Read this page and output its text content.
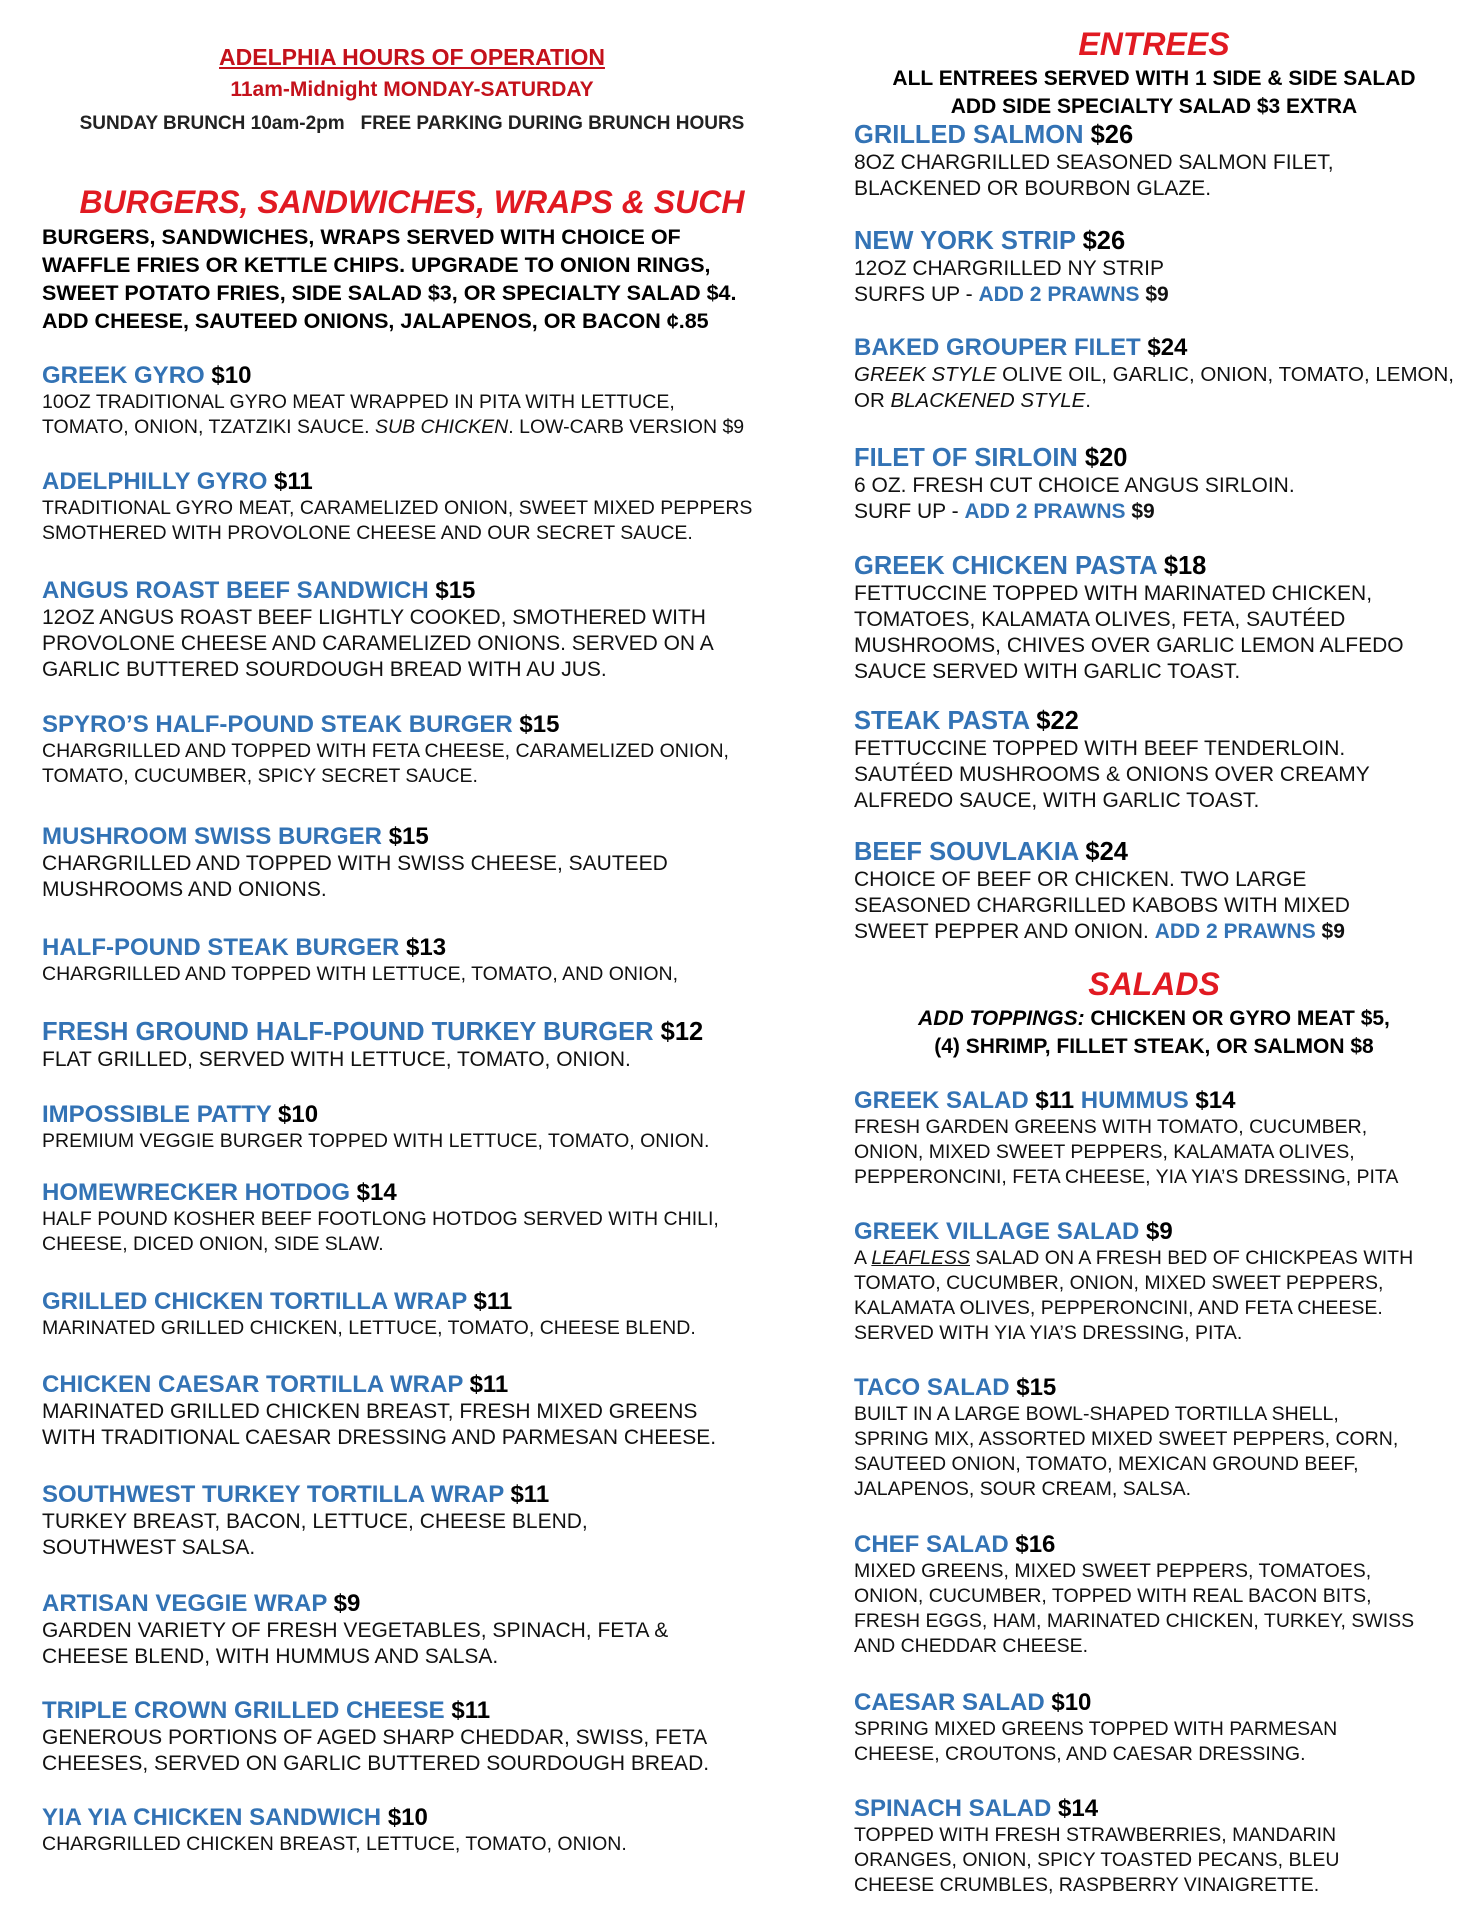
ADELPHIA HOURS OF OPERATION
11am-Midnight MONDAY-SATURDAY
SUNDAY BRUNCH 10am-2pm   FREE PARKING DURING BRUNCH HOURS
BURGERS, SANDWICHES, WRAPS & SUCH
BURGERS, SANDWICHES, WRAPS SERVED WITH CHOICE OF
WAFFLE FRIES OR KETTLE CHIPS. UPGRADE TO ONION RINGS,
SWEET POTATO FRIES, SIDE SALAD $3, OR SPECIALTY SALAD $4.
ADD CHEESE, SAUTEED ONIONS, JALAPENOS, OR BACON ¢.85
GREEK GYRO $10
10OZ TRADITIONAL GYRO MEAT WRAPPED IN PITA WITH LETTUCE,
TOMATO, ONION, TZATZIKI SAUCE. SUB CHICKEN. LOW-CARB VERSION $9
ADELPHILLY GYRO $11
TRADITIONAL GYRO MEAT, CARAMELIZED ONION, SWEET MIXED PEPPERS
SMOTHERED WITH PROVOLONE CHEESE AND OUR SECRET SAUCE.
ANGUS ROAST BEEF SANDWICH $15
12OZ ANGUS ROAST BEEF LIGHTLY COOKED, SMOTHERED WITH
PROVOLONE CHEESE AND CARAMELIZED ONIONS. SERVED ON A
GARLIC BUTTERED SOURDOUGH BREAD WITH AU JUS.
SPYRO’S HALF-POUND STEAK BURGER $15
CHARGRILLED AND TOPPED WITH FETA CHEESE, CARAMELIZED ONION,
TOMATO, CUCUMBER, SPICY SECRET SAUCE.
MUSHROOM SWISS BURGER $15
CHARGRILLED AND TOPPED WITH SWISS CHEESE, SAUTEED
MUSHROOMS AND ONIONS.
HALF-POUND STEAK BURGER $13
CHARGRILLED AND TOPPED WITH LETTUCE, TOMATO, AND ONION,
FRESH GROUND HALF-POUND TURKEY BURGER $12
FLAT GRILLED, SERVED WITH LETTUCE, TOMATO, ONION.
IMPOSSIBLE PATTY $10
PREMIUM VEGGIE BURGER TOPPED WITH LETTUCE, TOMATO, ONION.
HOMEWRECKER HOTDOG $14
HALF POUND KOSHER BEEF FOOTLONG HOTDOG SERVED WITH CHILI,
CHEESE, DICED ONION, SIDE SLAW.
GRILLED CHICKEN TORTILLA WRAP $11
MARINATED GRILLED CHICKEN, LETTUCE, TOMATO, CHEESE BLEND.
CHICKEN CAESAR TORTILLA WRAP $11
MARINATED GRILLED CHICKEN BREAST, FRESH MIXED GREENS
WITH TRADITIONAL CAESAR DRESSING AND PARMESAN CHEESE.
SOUTHWEST TURKEY TORTILLA WRAP $11
TURKEY BREAST, BACON, LETTUCE, CHEESE BLEND,
SOUTHWEST SALSA.
ARTISAN VEGGIE WRAP $9
GARDEN VARIETY OF FRESH VEGETABLES, SPINACH, FETA &
CHEESE BLEND, WITH HUMMUS AND SALSA.
TRIPLE CROWN GRILLED CHEESE $11
GENEROUS PORTIONS OF AGED SHARP CHEDDAR, SWISS, FETA
CHEESES, SERVED ON GARLIC BUTTERED SOURDOUGH BREAD.
YIA YIA CHICKEN SANDWICH $10
CHARGRILLED CHICKEN BREAST, LETTUCE, TOMATO, ONION.
ENTREES
ALL ENTREES SERVED WITH 1 SIDE & SIDE SALAD
ADD SIDE SPECIALTY SALAD $3 EXTRA
GRILLED SALMON $26
8OZ CHARGRILLED SEASONED SALMON FILET,
BLACKENED OR BOURBON GLAZE.
NEW YORK STRIP $26
12OZ CHARGRILLED NY STRIP
SURFS UP - ADD 2 PRAWNS $9
BAKED GROUPER FILET $24
GREEK STYLE OLIVE OIL, GARLIC, ONION, TOMATO, LEMON,
OR BLACKENED STYLE.
FILET OF SIRLOIN $20
6 OZ. FRESH CUT CHOICE ANGUS SIRLOIN.
SURF UP - ADD 2 PRAWNS $9
GREEK CHICKEN PASTA $18
FETTUCCINE TOPPED WITH MARINATED CHICKEN,
TOMATOES, KALAMATA OLIVES, FETA, SAUTÉED
MUSHROOMS, CHIVES OVER GARLIC LEMON ALFEDO
SAUCE SERVED WITH GARLIC TOAST.
STEAK PASTA $22
FETTUCCINE TOPPED WITH BEEF TENDERLOIN.
SAUTÉED MUSHROOMS & ONIONS OVER CREAMY
ALFREDO SAUCE, WITH GARLIC TOAST.
BEEF SOUVLAKIA $24
CHOICE OF BEEF OR CHICKEN. TWO LARGE
SEASONED CHARGRILLED KABOBS WITH MIXED
SWEET PEPPER AND ONION. ADD 2 PRAWNS $9
SALADS
ADD TOPPINGS: CHICKEN OR GYRO MEAT $5,
(4) SHRIMP, FILLET STEAK, OR SALMON $8
GREEK SALAD $11 HUMMUS $14
FRESH GARDEN GREENS WITH TOMATO, CUCUMBER,
ONION, MIXED SWEET PEPPERS, KALAMATA OLIVES,
PEPPERONCINI, FETA CHEESE, YIA YIA’S DRESSING, PITA
GREEK VILLAGE SALAD $9
A LEAFLESS SALAD ON A FRESH BED OF CHICKPEAS WITH
TOMATO, CUCUMBER, ONION, MIXED SWEET PEPPERS,
KALAMATA OLIVES, PEPPERONCINI, AND FETA CHEESE.
SERVED WITH YIA YIA’S DRESSING, PITA.
TACO SALAD $15
BUILT IN A LARGE BOWL-SHAPED TORTILLA SHELL,
SPRING MIX, ASSORTED MIXED SWEET PEPPERS, CORN,
SAUTEED ONION, TOMATO, MEXICAN GROUND BEEF,
JALAPENOS, SOUR CREAM, SALSA.
CHEF SALAD $16
MIXED GREENS, MIXED SWEET PEPPERS, TOMATOES,
ONION, CUCUMBER, TOPPED WITH REAL BACON BITS,
FRESH EGGS, HAM, MARINATED CHICKEN, TURKEY, SWISS
AND CHEDDAR CHEESE.
CAESAR SALAD $10
SPRING MIXED GREENS TOPPED WITH PARMESAN
CHEESE, CROUTONS, AND CAESAR DRESSING.
SPINACH SALAD $14
TOPPED WITH FRESH STRAWBERRIES, MANDARIN
ORANGES, ONION, SPICY TOASTED PECANS, BLEU
CHEESE CRUMBLES, RASPBERRY VINAIGRETTE.
